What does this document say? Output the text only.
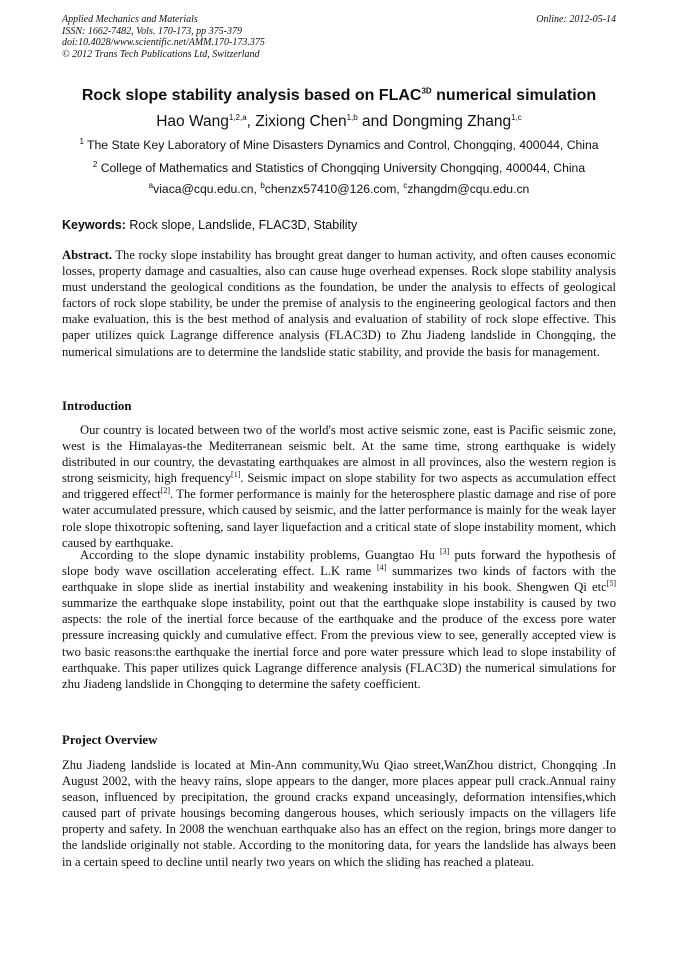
Applied Mechanics and Materials
ISSN: 1662-7482, Vols. 170-173, pp 375-379
doi:10.4028/www.scientific.net/AMM.170-173.375
© 2012 Trans Tech Publications Ltd, Switzerland
Online: 2012-05-14
Rock slope stability analysis based on $FLAC^{3D}$ numerical simulation
Hao Wang$^{1,2,a}$, Zixiong Chen$^{1,b}$ and Dongming Zhang$^{1,c}$
$^1$ The State Key Laboratory of Mine Disasters Dynamics and Control, Chongqing, 400044, China
$^2$ College of Mathematics and Statistics of Chongqing University Chongqing, 400044, China
$^a$viaca@cqu.edu.cn, $^b$chenzx57410@126.com, $^c$zhangdm@cqu.edu.cn
Keywords: Rock slope, Landslide, FLAC3D, Stability
Abstract. The rocky slope instability has brought great danger to human activity, and often causes economic losses, property damage and casualties, also can cause huge overhead expenses. Rock slope stability analysis must understand the geological conditions as the foundation, be under the analysis to effects of geological factors of rock slope stability, be under the premise of analysis to the engineering geological factors and then make evaluation, this is the best method of analysis and evaluation of stability of rock slope effective. This paper utilizes quick Lagrange difference analysis (FLAC3D) to Zhu Jiadeng landslide in Chongqing, the numerical simulations are to determine the landslide static stability, and provide the basis for management.
Introduction
Our country is located between two of the world's most active seismic zone, east is Pacific seismic zone, west is the Himalayas-the Mediterranean seismic belt. At the same time, strong earthquake is widely distributed in our country, the devastating earthquakes are almost in all provinces, also the western region is strong seismicity, high frequency[1]. Seismic impact on slope stability for two aspects as accumulation effect and triggered effect[2]. The former performance is mainly for the heterosphere plastic damage and rise of pore water accumulated pressure, which caused by seismic, and the latter performance is mainly for the weak layer role slope thixotropic softening, sand layer liquefaction and a critical state of slope instability moment, which caused by earthquake.
According to the slope dynamic instability problems, Guangtao Hu [3] puts forward the hypothesis of slope body wave oscillation accelerating effect. L.K rame [4] summarizes two kinds of factors with the earthquake in slope slide as inertial instability and weakening instability in his book. Shengwen Qi etc[5] summarize the earthquake slope instability, point out that the earthquake slope instability is caused by two aspects: the role of the inertial force because of the earthquake and the produce of the excess pore water pressure increasing quickly and cumulative effect. From the previous view to see, generally accepted view is two basic reasons:the earthquake the inertial force and pore water pressure which lead to slope instability of earthquake. This paper utilizes quick Lagrange difference analysis (FLAC3D) the numerical simulations for zhu Jiadeng landslide in Chongqing to determine the safety coefficient.
Project Overview
Zhu Jiadeng landslide is located at Min-Ann community,Wu Qiao street,WanZhou district, Chongqing .In August 2002, with the heavy rains, slope appears to the danger, more places appear pull crack.Annual rainy season, influenced by precipitation, the ground cracks expand unceasingly, deformation intensifies,which caused part of private housings becoming dangerous houses, which seriously impacts on the villagers life property and safety. In 2008 the wenchuan earthquake also has an effect on the region, brings more danger to the landslide originally not stable. According to the monitoring data, for years the landslide has always been in a certain speed to decline until nearly two years on which the sliding has reached a plateau.
